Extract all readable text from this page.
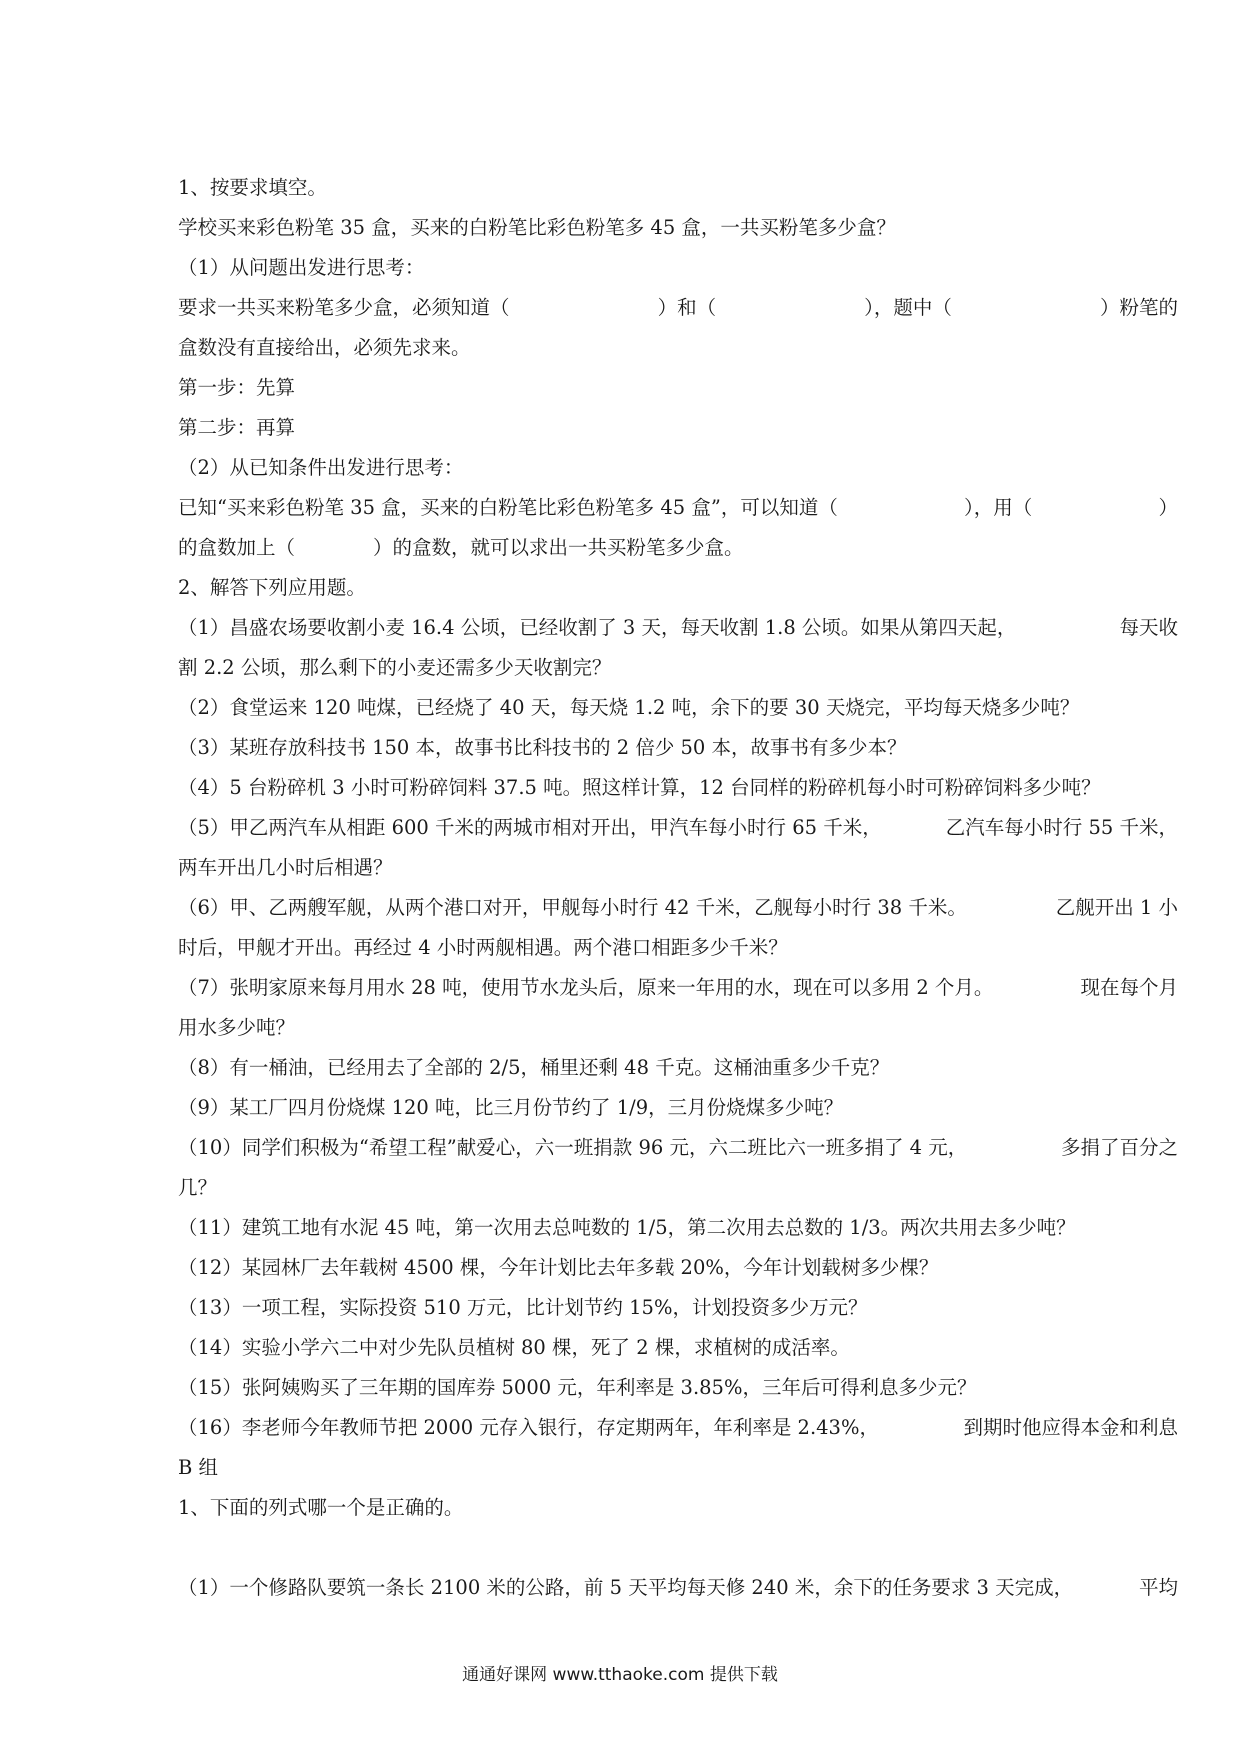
1、按要求填空。
学校买来彩色粉笔 35 盒，买来的白粉笔比彩色粉笔多 45 盒，一共买粉笔多少盒？
（1）从问题出发进行思考：
要求一共买来粉笔多少盒，必须知道（	）和（	），题中（	）粉笔的
盒数没有直接给出，必须先求来。
第一步：先算
第二步：再算
（2）从已知条件出发进行思考：
已知“买来彩色粉笔 35 盒，买来的白粉笔比彩色粉笔多 45 盒”，可以知道（	），用（	）
的盒数加上（　　　　）的盒数，就可以求出一共买粉笔多少盒。
2、解答下列应用题。
（1）昌盛农场要收割小麦 16.4 公顷，已经收割了 3 天，每天收割 1.8 公顷。如果从第四天起，	每天收
割 2.2 公顷，那么剩下的小麦还需多少天收割完？
（2）食堂运来 120 吨煤，已经烧了 40 天，每天烧 1.2 吨，余下的要 30 天烧完，平均每天烧多少吨？
（3）某班存放科技书 150 本，故事书比科技书的 2 倍少 50 本，故事书有多少本？
（4）5 台粉碎机 3 小时可粉碎饲料 37.5 吨。照这样计算，12 台同样的粉碎机每小时可粉碎饲料多少吨？
（5）甲乙两汽车从相距 600 千米的两城市相对开出，甲汽车每小时行 65 千米，	乙汽车每小时行 55 千米，
两车开出几小时后相遇？
（6）甲、乙两艘军舰，从两个港口对开，甲舰每小时行 42 千米，乙舰每小时行 38 千米。	乙舰开出 1 小
时后，甲舰才开出。再经过 4 小时两舰相遇。两个港口相距多少千米？
（7）张明家原来每月用水 28 吨，使用节水龙头后，原来一年用的水，现在可以多用 2 个月。	现在每个月
用水多少吨？
（8）有一桶油，已经用去了全部的 2/5，桶里还剩 48 千克。这桶油重多少千克？
（9）某工厂四月份烧煤 120 吨，比三月份节约了 1/9，三月份烧煤多少吨？
（10）同学们积极为“希望工程”献爱心，六一班捐款 96 元，六二班比六一班多捐了 4 元，	多捐了百分之
几？
（11）建筑工地有水泥 45 吨，第一次用去总吨数的 1/5，第二次用去总数的 1/3。两次共用去多少吨？
（12）某园林厂去年载树 4500 棵，今年计划比去年多载 20%，今年计划载树多少棵？
（13）一项工程，实际投资 510 万元，比计划节约 15%，计划投资多少万元？
（14）实验小学六二中对少先队员植树 80 棵，死了 2 棵，求植树的成活率。
（15）张阿姨购买了三年期的国库券 5000 元，年利率是 3.85%，三年后可得利息多少元？
（16）李老师今年教师节把 2000 元存入银行，存定期两年，年利率是 2.43%，	到期时他应得本金和利息
B 组
1、下面的列式哪一个是正确的。
（1）一个修路队要筑一条长 2100 米的公路，前 5 天平均每天修 240 米，余下的任务要求 3 天完成，	平均
通通好课网 www.tthaoke.com 提供下载
